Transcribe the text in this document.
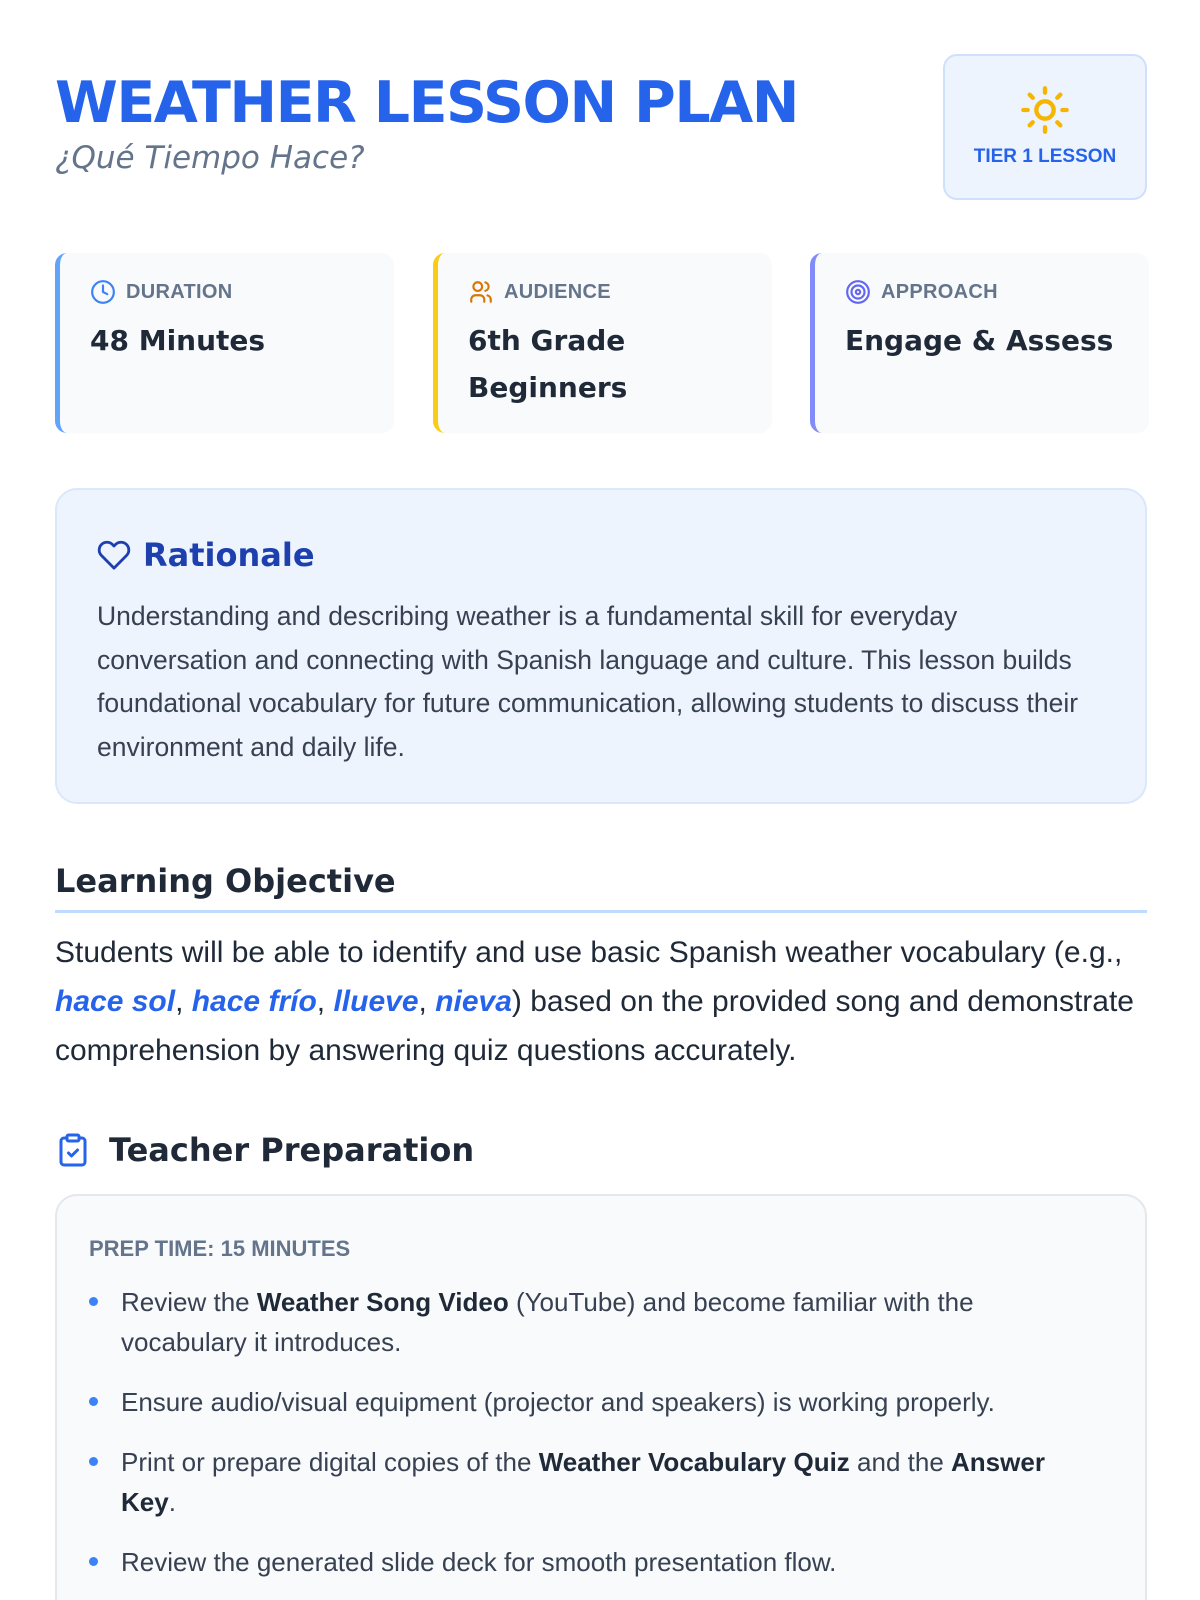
WEATHER LESSON PLAN
¿Qué Tiempo Hace?	TIER 1 LESSON
DURATION
48 Minutes
AUDIENCE
6th Grade Beginners
APPROACH
Engage & Assess
Rationale

Understanding and describing weather is a fundamental skill for everyday conversation and connecting with Spanish language and culture. This lesson builds foundational vocabulary for future communication, allowing students to discuss their environment and daily life.

Learning Objective

Students will be able to identify and use basic Spanish weather vocabulary (e.g., hace sol, hace frío, llueve, nieva) based on the provided song and demonstrate comprehension by answering quiz questions accurately.

Teacher Preparation
PREP TIME: 15 MINUTES
Review the Weather Song Video (YouTube) and become familiar with the vocabulary it introduces.
Ensure audio/visual equipment (projector and speakers) is working properly.
Print or prepare digital copies of the Weather Vocabulary Quiz and the Answer Key.
Review the generated slide deck for smooth presentation flow.
